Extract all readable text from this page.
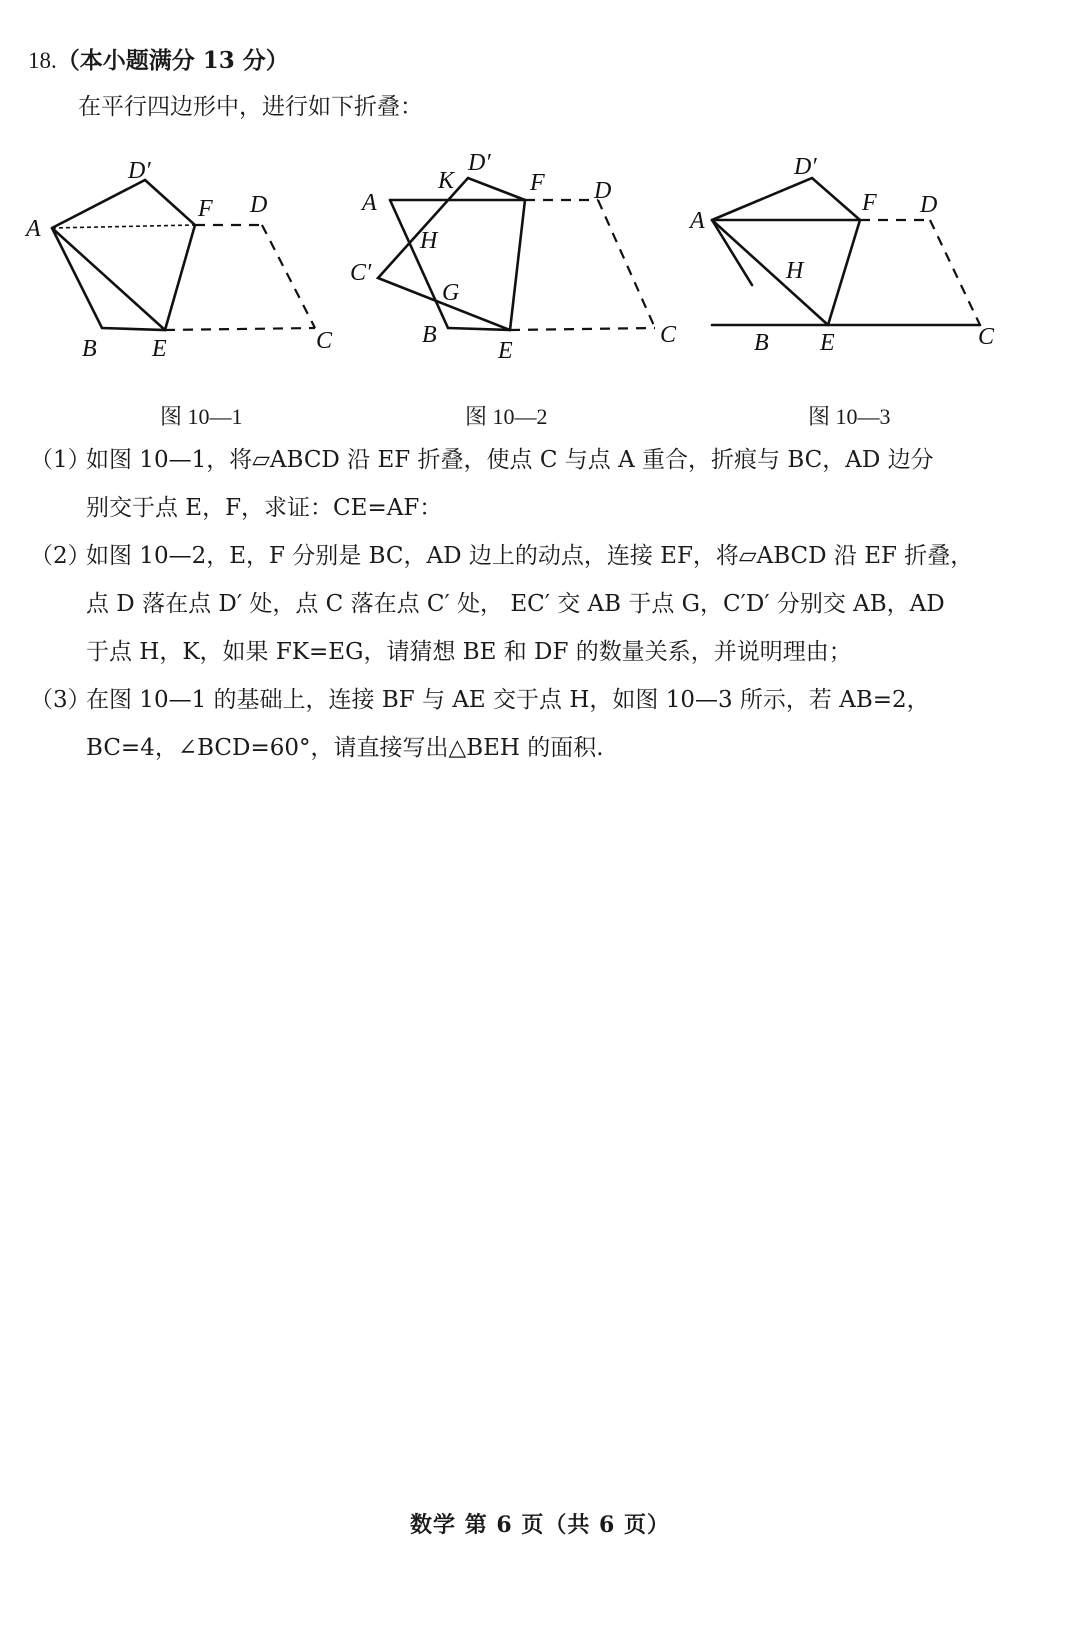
18.（本小题满分 13 分）
在平行四边形中，进行如下折叠：
A
B E	C
D
F
D′
图 10—1
A
K
D′
F D
H
C′
G
B
E
C
图 10—2
A
D′
F D
H
B E	C
图 10—3
（1）如图 10—1，将▱ABCD 沿 EF 折叠，使点 C 与点 A 重合，折痕与 BC，AD 边分
别交于点 E，F，求证：CE=AF：
（2）如图 10—2，E，F 分别是 BC，AD 边上的动点，连接 EF，将▱ABCD 沿 EF 折叠，
点 D 落在点 D′ 处，点 C 落在点 C′ 处， EC′ 交 AB 于点 G，C′D′ 分别交 AB，AD
于点 H，K，如果 FK=EG，请猜想 BE 和 DF 的数量关系，并说明理由；
（3）在图 10—1 的基础上，连接 BF 与 AE 交于点 H，如图 10—3 所示，若 AB=2，
BC=4，∠BCD=60°，请直接写出△BEH 的面积.
数学 第 6 页（共 6 页）
